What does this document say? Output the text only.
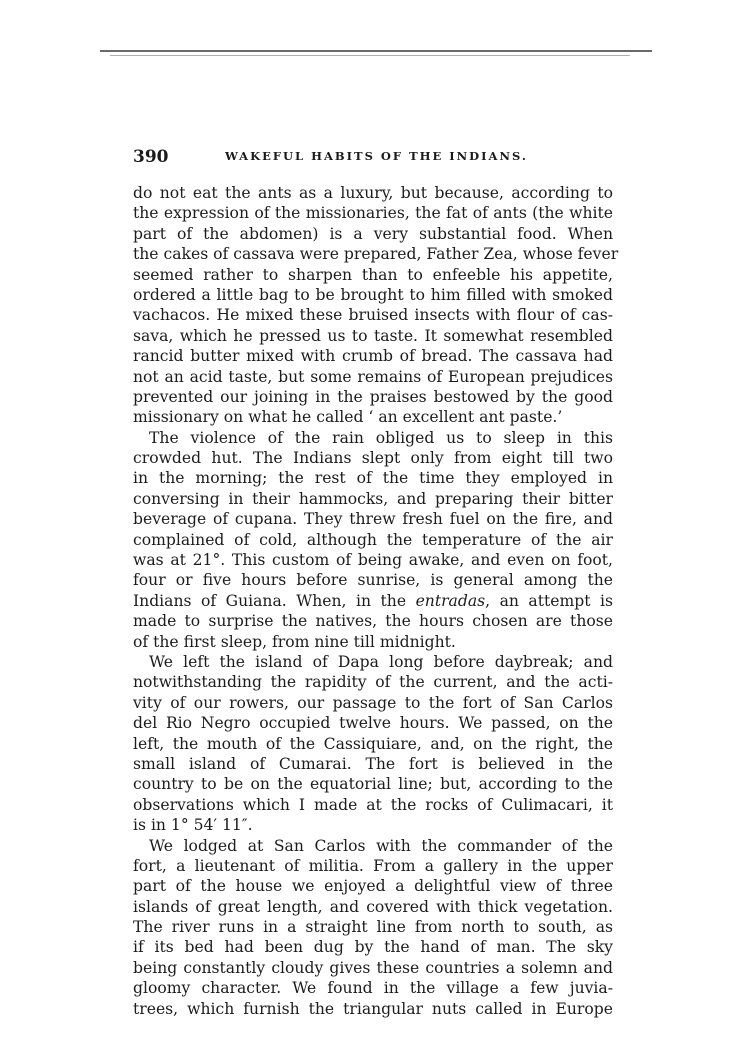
390	WAKEFUL HABITS OF THE INDIANS.
do not eat the ants as a luxury, but because, according to
the expression of the missionaries, the fat of ants (the white
part of the abdomen) is a very substantial food. When
the cakes of cassava were prepared, Father Zea, whose fever
seemed rather to sharpen than to enfeeble his appetite,
ordered a little bag to be brought to him filled with smoked
vachacos. He mixed these bruised insects with flour of cas-
sava, which he pressed us to taste. It somewhat resembled
rancid butter mixed with crumb of bread. The cassava had
not an acid taste, but some remains of European prejudices
prevented our joining in the praises bestowed by the good
missionary on what he called ‘ an excellent ant paste.’
The violence of the rain obliged us to sleep in this
crowded hut. The Indians slept only from eight till two
in the morning; the rest of the time they employed in
conversing in their hammocks, and preparing their bitter
beverage of cupana. They threw fresh fuel on the fire, and
complained of cold, although the temperature of the air
was at 21°. This custom of being awake, and even on foot,
four or five hours before sunrise, is general among the
Indians of Guiana. When, in the entradas, an attempt is
made to surprise the natives, the hours chosen are those
of the first sleep, from nine till midnight.
We left the island of Dapa long before daybreak; and
notwithstanding the rapidity of the current, and the acti-
vity of our rowers, our passage to the fort of San Carlos
del Rio Negro occupied twelve hours. We passed, on the
left, the mouth of the Cassiquiare, and, on the right, the
small island of Cumarai. The fort is believed in the
country to be on the equatorial line; but, according to the
observations which I made at the rocks of Culimacari, it
is in 1° 54′ 11″.
We lodged at San Carlos with the commander of the
fort, a lieutenant of militia. From a gallery in the upper
part of the house we enjoyed a delightful view of three
islands of great length, and covered with thick vegetation.
The river runs in a straight line from north to south, as
if its bed had been dug by the hand of man. The sky
being constantly cloudy gives these countries a solemn and
gloomy character. We found in the village a few juvia-
trees, which furnish the triangular nuts called in Europe
